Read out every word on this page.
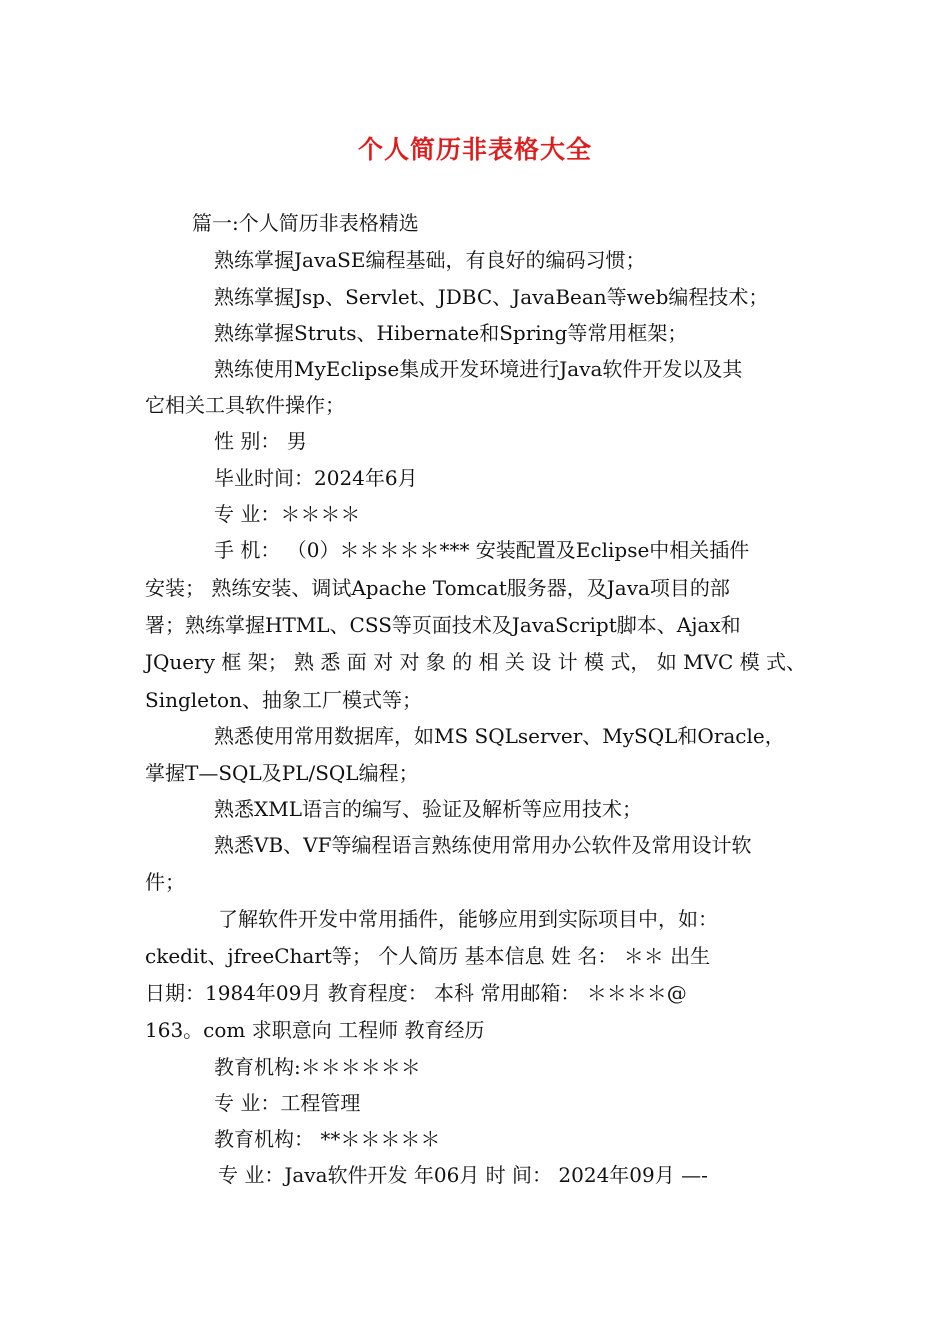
个人简历非表格大全
篇一:个人简历非表格精选
熟练掌握JavaSE编程基础，有良好的编码习惯；
熟练掌握Jsp、Servlet、JDBC、JavaBean等web编程技术；
熟练掌握Struts、Hibernate和Spring等常用框架；
熟练使用MyEclipse集成开发环境进行Java软件开发以及其
它相关工具软件操作；
性 别： 男
毕业时间：2024年6月
专 业：＊＊＊＊
手 机： （0）＊＊＊＊＊*** 安装配置及Eclipse中相关插件
安装； 熟练安装、调试Apache Tomcat服务器，及Java项目的部
署；熟练掌握HTML、CSS等页面技术及JavaScript脚本、Ajax和
JQuery 框 架； 熟 悉 面 对 对 象 的 相 关 设 计 模 式， 如 MVC 模 式、
Singleton、抽象工厂模式等；
熟悉使用常用数据库，如MS SQLserver、MySQL和Oracle，
掌握T—SQL及PL/SQL编程；
熟悉XML语言的编写、验证及解析等应用技术；
熟悉VB、VF等编程语言熟练使用常用办公软件及常用设计软
件；
了解软件开发中常用插件，能够应用到实际项目中，如：
ckedit、jfreeChart等； 个人简历 基本信息 姓 名： ＊＊ 出生
日期：1984年09月 教育程度： 本科 常用邮箱： ＊＊＊＊@
163。com 求职意向 工程师 教育经历
教育机构:＊＊＊＊＊＊
专 业：工程管理
教育机构： **＊＊＊＊＊
专 业：Java软件开发 年06月 时 间： 2024年09月 —-
